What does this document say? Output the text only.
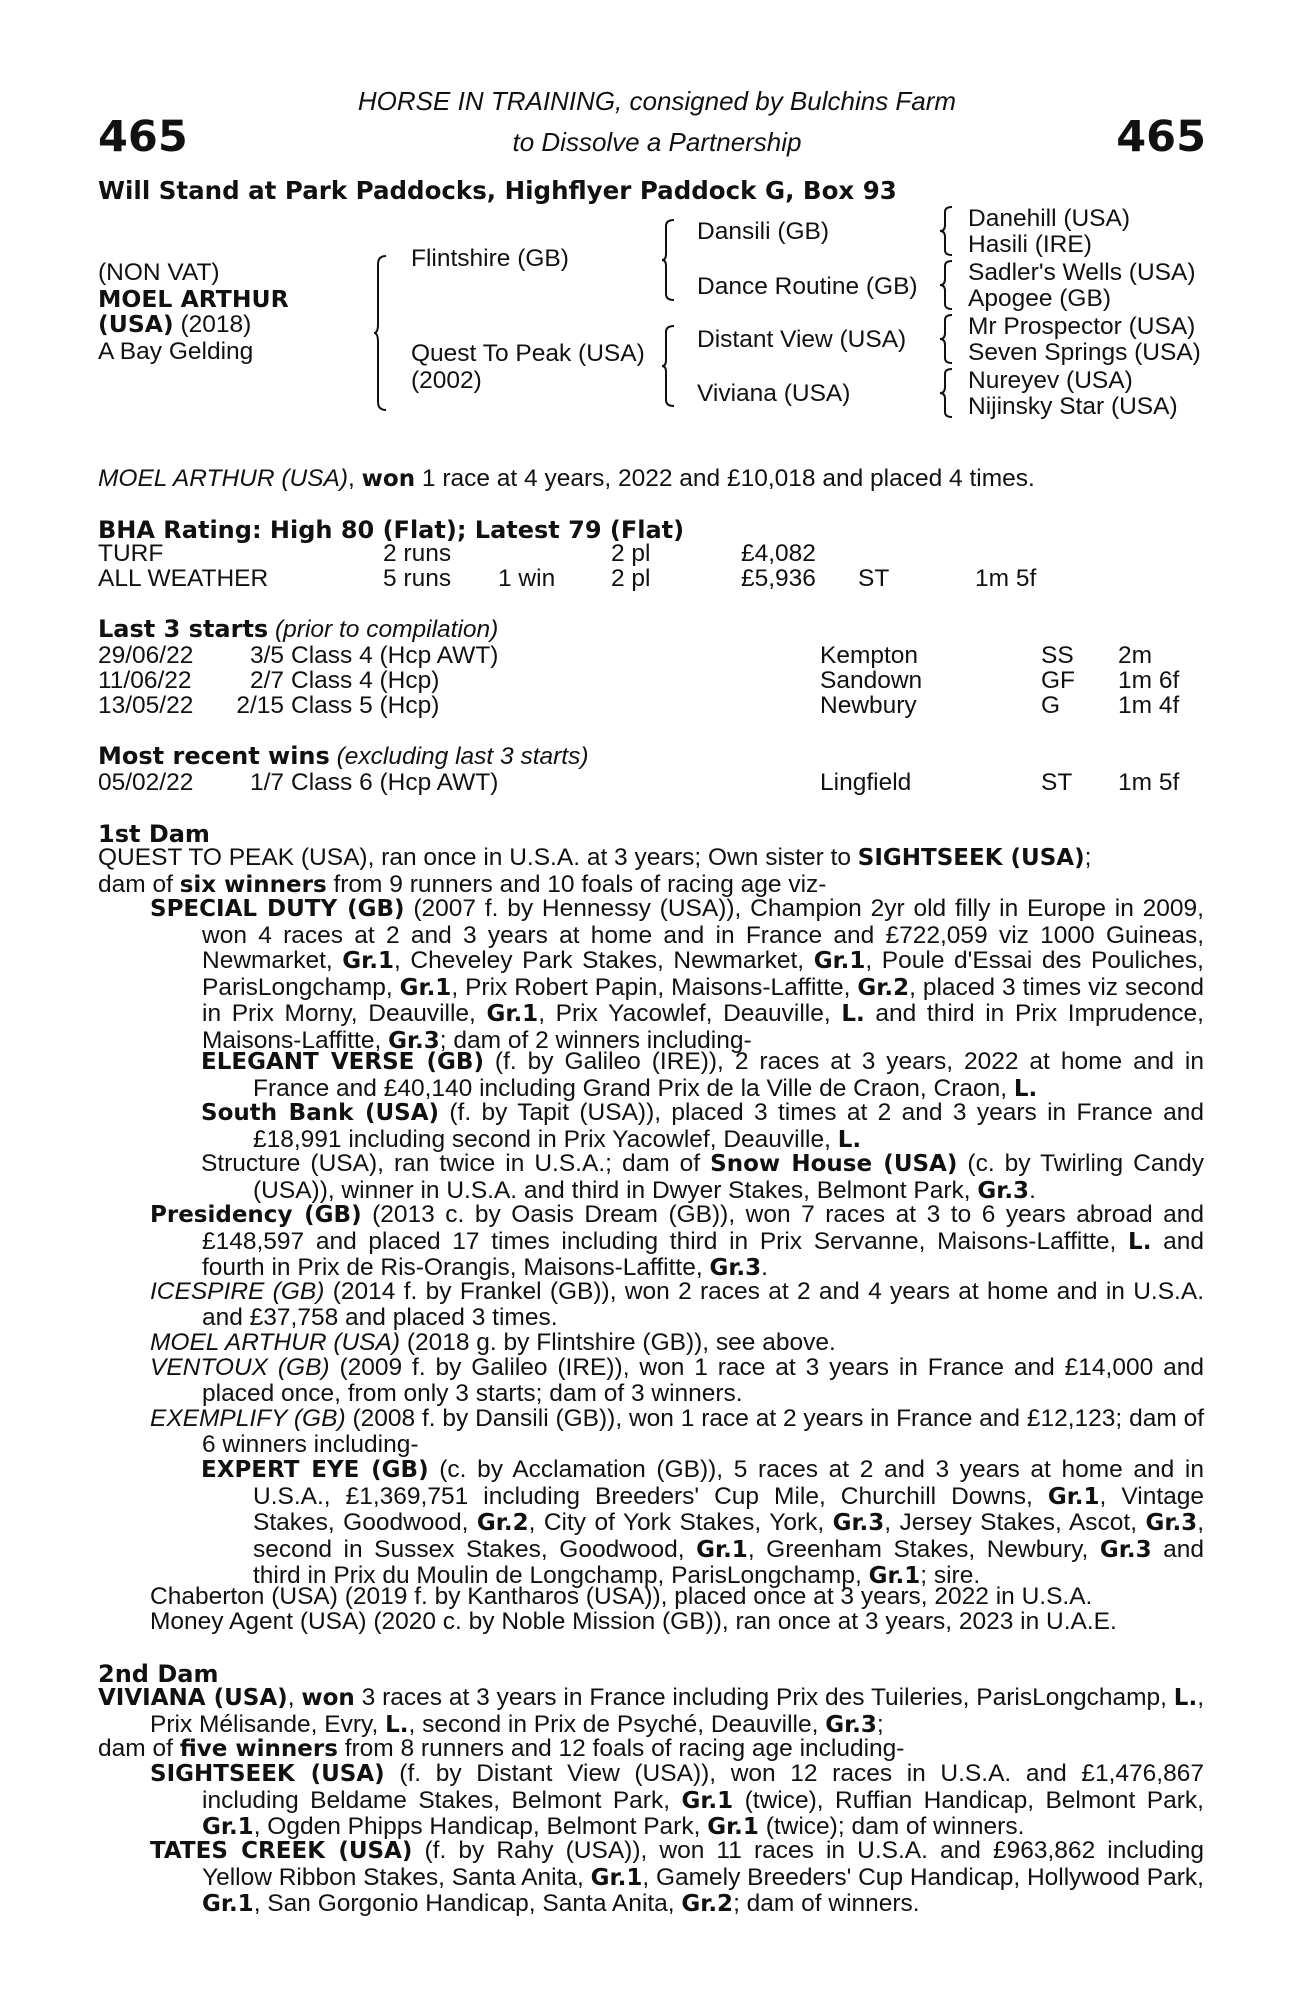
465	465
HORSE IN TRAINING, consigned by Bulchins Farm
to Dissolve a Partnership
Will Stand at Park Paddocks, Highflyer Paddock G, Box 93
(NON VAT)
MOEL ARTHUR
(USA) (2018)
A Bay Gelding
Flintshire (GB)
Quest To Peak (USA)
(2002)
Dansili (GB)
Dance Routine (GB)
Distant View (USA)
Viviana (USA)
Danehill (USA)
Hasili (IRE)
Sadler's Wells (USA)
Apogee (GB)
Mr Prospector (USA)
Seven Springs (USA)
Nureyev (USA)
Nijinsky Star (USA)
MOEL ARTHUR (USA), won 1 race at 4 years, 2022 and £10,018 and placed 4 times.
BHA Rating: High 80 (Flat); Latest 79 (Flat)
TURF	2 runs	2 pl	£4,082
ALL WEATHER	5 runs 1 win 2 pl	£5,936 ST	1m 5f
Last 3 starts (prior to compilation)
29/06/22	3/5 Class 4 (Hcp AWT)	Kempton	SS 2m
11/06/22	2/7 Class 4 (Hcp)	Sandown	GF 1m 6f
13/05/22 2/15 Class 5 (Hcp)	Newbury	G 1m 4f
Most recent wins (excluding last 3 starts)
05/02/22	1/7 Class 6 (Hcp AWT)	Lingfield	ST 1m 5f
1st Dam
QUEST TO PEAK (USA), ran once in U.S.A. at 3 years; Own sister to SIGHTSEEK (USA);
dam of six winners from 9 runners and 10 foals of racing age viz-
SPECIAL DUTY (GB) (2007 f. by Hennessy (USA)), Champion 2yr old filly in Europe in 2009, won 4 races at 2 and 3 years at home and in France and £722,059 viz 1000 Guineas, Newmarket, Gr.1, Cheveley Park Stakes, Newmarket, Gr.1, Poule d'Essai des Pouliches, ParisLongchamp, Gr.1, Prix Robert Papin, Maisons-Laffitte, Gr.2, placed 3 times viz second in Prix Morny, Deauville, Gr.1, Prix Yacowlef, Deauville, L. and third in Prix Imprudence, Maisons-Laffitte, Gr.3; dam of 2 winners including-
ELEGANT VERSE (GB) (f. by Galileo (IRE)), 2 races at 3 years, 2022 at home and in France and £40,140 including Grand Prix de la Ville de Craon, Craon, L.
South Bank (USA) (f. by Tapit (USA)), placed 3 times at 2 and 3 years in France and £18,991 including second in Prix Yacowlef, Deauville, L.
Structure (USA), ran twice in U.S.A.; dam of Snow House (USA) (c. by Twirling Candy (USA)), winner in U.S.A. and third in Dwyer Stakes, Belmont Park, Gr.3.
Presidency (GB) (2013 c. by Oasis Dream (GB)), won 7 races at 3 to 6 years abroad and £148,597 and placed 17 times including third in Prix Servanne, Maisons-Laffitte, L. and fourth in Prix de Ris-Orangis, Maisons-Laffitte, Gr.3.
ICESPIRE (GB) (2014 f. by Frankel (GB)), won 2 races at 2 and 4 years at home and in U.S.A. and £37,758 and placed 3 times.
MOEL ARTHUR (USA) (2018 g. by Flintshire (GB)), see above.
VENTOUX (GB) (2009 f. by Galileo (IRE)), won 1 race at 3 years in France and £14,000 and placed once, from only 3 starts; dam of 3 winners.
EXEMPLIFY (GB) (2008 f. by Dansili (GB)), won 1 race at 2 years in France and £12,123; dam of 6 winners including-
EXPERT EYE (GB) (c. by Acclamation (GB)), 5 races at 2 and 3 years at home and in U.S.A., £1,369,751 including Breeders' Cup Mile, Churchill Downs, Gr.1, Vintage Stakes, Goodwood, Gr.2, City of York Stakes, York, Gr.3, Jersey Stakes, Ascot, Gr.3, second in Sussex Stakes, Goodwood, Gr.1, Greenham Stakes, Newbury, Gr.3 and third in Prix du Moulin de Longchamp, ParisLongchamp, Gr.1; sire.
Chaberton (USA) (2019 f. by Kantharos (USA)), placed once at 3 years, 2022 in U.S.A.
Money Agent (USA) (2020 c. by Noble Mission (GB)), ran once at 3 years, 2023 in U.A.E.
2nd Dam
VIVIANA (USA), won 3 races at 3 years in France including Prix des Tuileries, ParisLongchamp, L., Prix Mélisande, Evry, L., second in Prix de Psyché, Deauville, Gr.3;
dam of five winners from 8 runners and 12 foals of racing age including-
SIGHTSEEK (USA) (f. by Distant View (USA)), won 12 races in U.S.A. and £1,476,867 including Beldame Stakes, Belmont Park, Gr.1 (twice), Ruffian Handicap, Belmont Park, Gr.1, Ogden Phipps Handicap, Belmont Park, Gr.1 (twice); dam of winners.
TATES CREEK (USA) (f. by Rahy (USA)), won 11 races in U.S.A. and £963,862 including Yellow Ribbon Stakes, Santa Anita, Gr.1, Gamely Breeders' Cup Handicap, Hollywood Park, Gr.1, San Gorgonio Handicap, Santa Anita, Gr.2; dam of winners.
